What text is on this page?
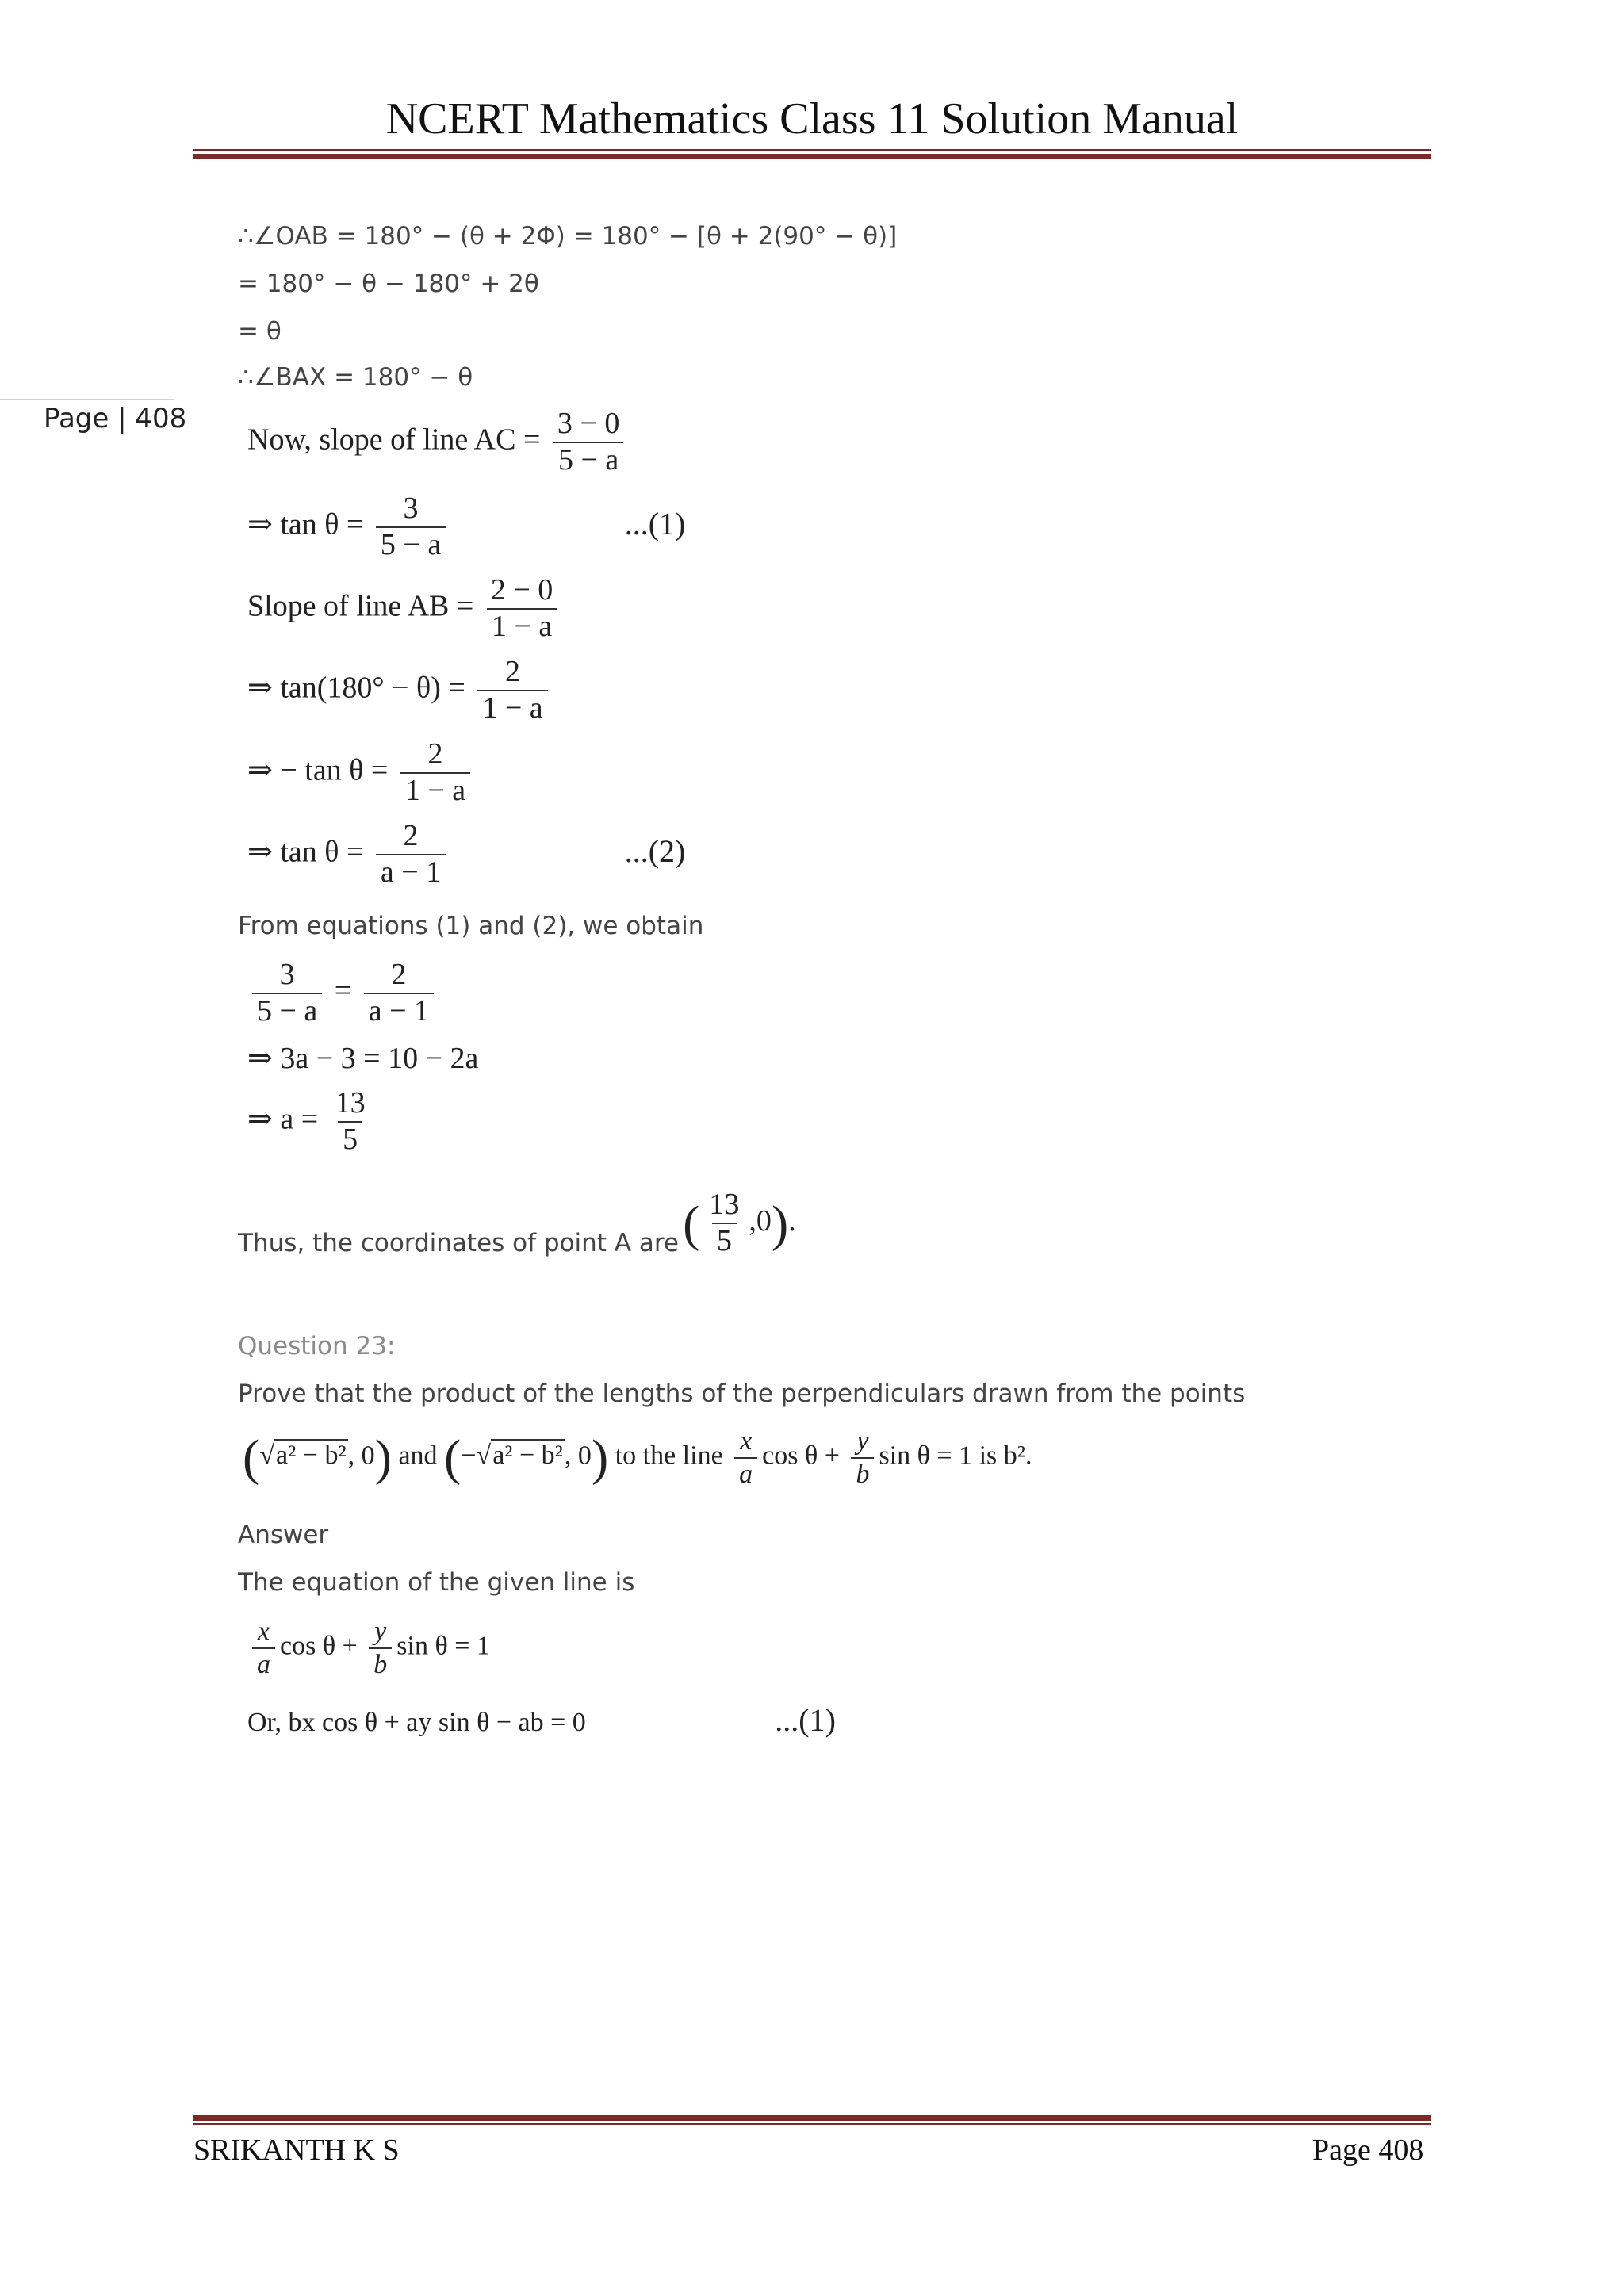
NCERT Mathematics Class 11 Solution Manual
Page | 408
∴∠OAB = 180° − (θ + 2Φ) = 180° − [θ + 2(90° − θ)]
= 180° − θ − 180° + 2θ
= θ
∴∠BAX = 180° − θ
Now, slope of line AC = $\frac{3 - 0}{5 - a}$
⇒ $\tan \theta = \frac{3}{5 - a}$	...(1)
Slope of line AB = $\frac{2 - 0}{1 - a}$
⇒ $\tan(180^\circ - \theta) = \frac{2}{1 - a}$
⇒ − $\tan \theta = \frac{2}{1 - a}$
⇒ $\tan \theta = \frac{2}{a - 1}$	...(2)
From equations (1) and (2), we obtain
$\frac{3}{5 - a} = \frac{2}{a - 1}$
⇒ 3a − 3 = 10 − 2a
⇒ $a = \frac{13}{5}$
Thus, the coordinates of point A are ( $\frac{13}{5} ,0$).
Question 23:
Prove that the product of the lengths of the perpendiculars drawn from the points
(√a² − b², 0) and (−√a² − b², 0) to the line $\frac{x}{a}$ $\cos \theta + \frac{y}{b}$ sin θ = 1 is b².
Answer
The equation of the given line is
$\frac{x}{a}$ $\cos \theta + \frac{y}{b}$ sin θ = 1
Or, bx cos θ + ay sin θ − ab = 0	...(1)
SRIKANTH K S	Page 408
